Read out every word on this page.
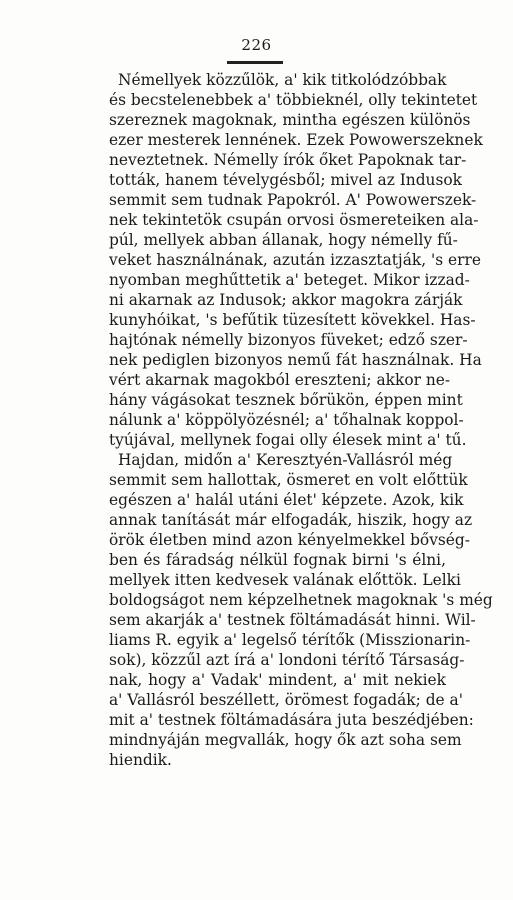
226
Némellyek közzűlök, a' kik titkolódzóbbak
és becstelenebbek a' többieknél, olly tekintetet
szereznek magoknak, mintha egészen különös
ezer mesterek lennének. Ezek Powowerszeknek
neveztetnek. Némelly írók őket Papoknak tar-
tották, hanem tévelygésből; mivel az Indusok
semmit sem tudnak Papokról. A' Powowerszek-
nek tekintetök csupán orvosi ösmereteiken ala-
púl, mellyek abban állanak, hogy némelly fű-
veket használnának, azután izzasztatják, 's erre
nyomban meghűttetik a' beteget. Mikor izzad-
ni akarnak az Indusok; akkor magokra zárják
kunyhóikat, 's befűtik tüzesített kövekkel. Has-
hajtónak némelly bizonyos füveket; edző szer-
nek pediglen bizonyos nemű fát használnak. Ha
vért akarnak magokból ereszteni; akkor ne-
hány vágásokat tesznek bőrükön, éppen mint
nálunk a' köppölyözésnél; a' tőhalnak koppol-
tyújával, mellynek fogai olly élesek mint a' tű.
Hajdan, midőn a' Keresztyén-Vallásról még
semmit sem hallottak, ösmeret en volt előttük
egészen a' halál utáni élet' képzete. Azok, kik
annak tanítását már elfogadák, hiszik, hogy az
örök életben mind azon kényelmekkel bővség-
ben és fáradság nélkül fognak birni 's élni,
mellyek itten kedvesek valának előttök. Lelki
boldogságot nem képzelhetnek magoknak 's még
sem akarják a' testnek föltámadását hinni. Wil-
liams R. egyik a' legelső térítők (Misszionarin-
sok), közzűl azt írá a' londoni térítő Társaság-
nak, hogy a' Vadak' mindent, a' mit nekiek
a' Vallásról beszéllett, örömest fogadák; de a'
mit a' testnek föltámadására juta beszédjében:
mindnyáján megvallák, hogy ők azt soha sem
hiendik.
